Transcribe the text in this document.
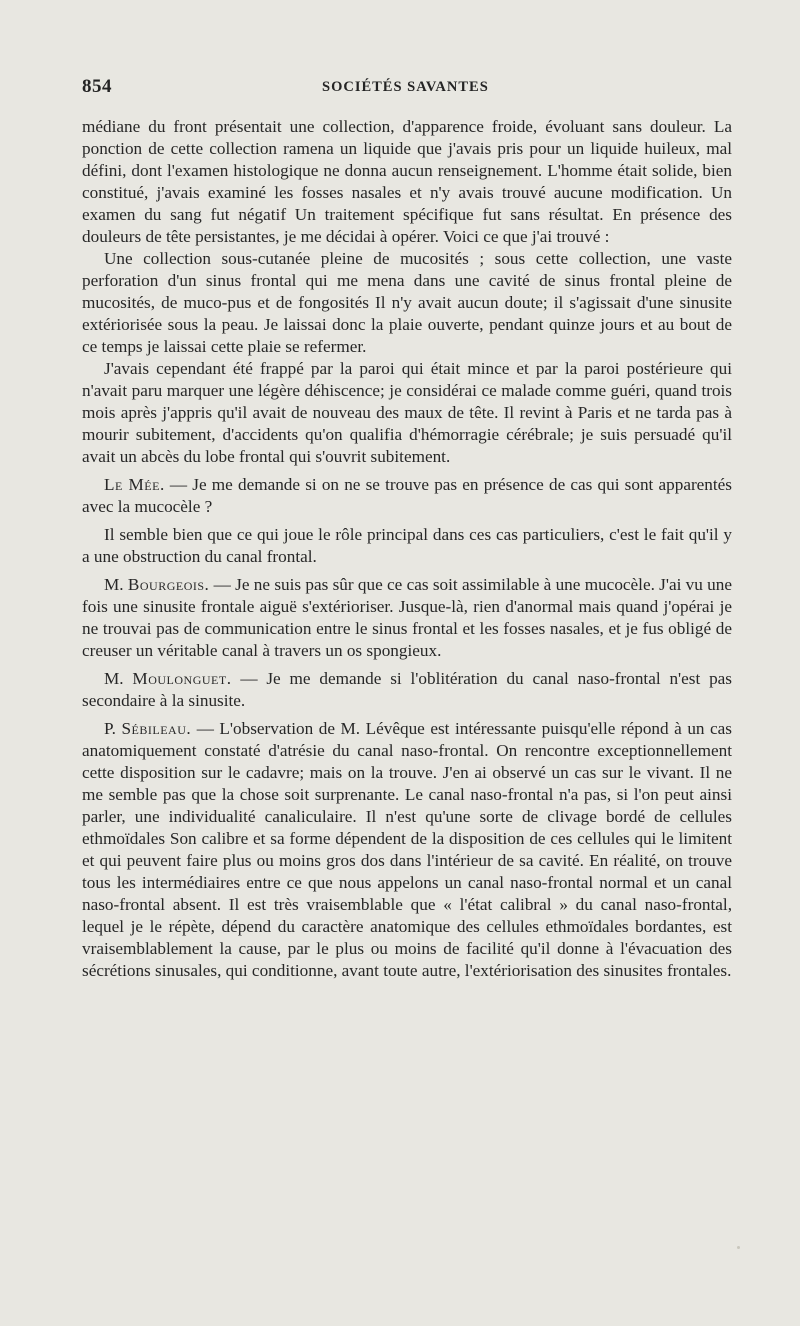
854	SOCIÉTÉS SAVANTES

médiane du front présentait une collection, d'apparence froide, évoluant sans douleur. La ponction de cette collection ramena un liquide que j'avais pris pour un liquide huileux, mal défini, dont l'examen histologique ne donna aucun renseignement. L'homme était solide, bien constitué, j'avais examiné les fosses nasales et n'y avais trouvé aucune modification. Un examen du sang fut négatif Un traitement spécifique fut sans résultat. En présence des douleurs de tête persistantes, je me décidai à opérer. Voici ce que j'ai trouvé :

Une collection sous-cutanée pleine de mucosités ; sous cette collection, une vaste perforation d'un sinus frontal qui me mena dans une cavité de sinus frontal pleine de mucosités, de muco-pus et de fongosités Il n'y avait aucun doute; il s'agissait d'une sinusite extériorisée sous la peau. Je laissai donc la plaie ouverte, pendant quinze jours et au bout de ce temps je laissai cette plaie se refermer.

J'avais cependant été frappé par la paroi qui était mince et par la paroi postérieure qui n'avait paru marquer une légère déhiscence; je considérai ce malade comme guéri, quand trois mois après j'appris qu'il avait de nouveau des maux de tête. Il revint à Paris et ne tarda pas à mourir subitement, d'accidents qu'on qualifia d'hémorragie cérébrale; je suis persuadé qu'il avait un abcès du lobe frontal qui s'ouvrit subitement.

Le Mée. — Je me demande si on ne se trouve pas en présence de cas qui sont apparentés avec la mucocèle ?

Il semble bien que ce qui joue le rôle principal dans ces cas particuliers, c'est le fait qu'il y a une obstruction du canal frontal.

M. Bourgeois. — Je ne suis pas sûr que ce cas soit assimilable à une mucocèle. J'ai vu une fois une sinusite frontale aiguë s'extérioriser. Jusque-là, rien d'anormal mais quand j'opérai je ne trouvai pas de communication entre le sinus frontal et les fosses nasales, et je fus obligé de creuser un véritable canal à travers un os spongieux.

M. Moulonguet. — Je me demande si l'oblitération du canal naso-frontal n'est pas secondaire à la sinusite.

P. Sébileau. — L'observation de M. Lévêque est intéressante puisqu'elle répond à un cas anatomiquement constaté d'atrésie du canal naso-frontal. On rencontre exceptionnellement cette disposition sur le cadavre; mais on la trouve. J'en ai observé un cas sur le vivant. Il ne me semble pas que la chose soit surprenante. Le canal naso-frontal n'a pas, si l'on peut ainsi parler, une individualité canaliculaire. Il n'est qu'une sorte de clivage bordé de cellules ethmoïdales Son calibre et sa forme dépendent de la disposition de ces cellules qui le limitent et qui peuvent faire plus ou moins gros dos dans l'intérieur de sa cavité. En réalité, on trouve tous les intermédiaires entre ce que nous appelons un canal naso-frontal normal et un canal naso-frontal absent. Il est très vraisemblable que « l'état calibral » du canal naso-frontal, lequel je le répète, dépend du caractère anatomique des cellules ethmoïdales bordantes, est vraisemblablement la cause, par le plus ou moins de facilité qu'il donne à l'évacuation des sécrétions sinusales, qui conditionne, avant toute autre, l'extériorisation des sinusites frontales.
